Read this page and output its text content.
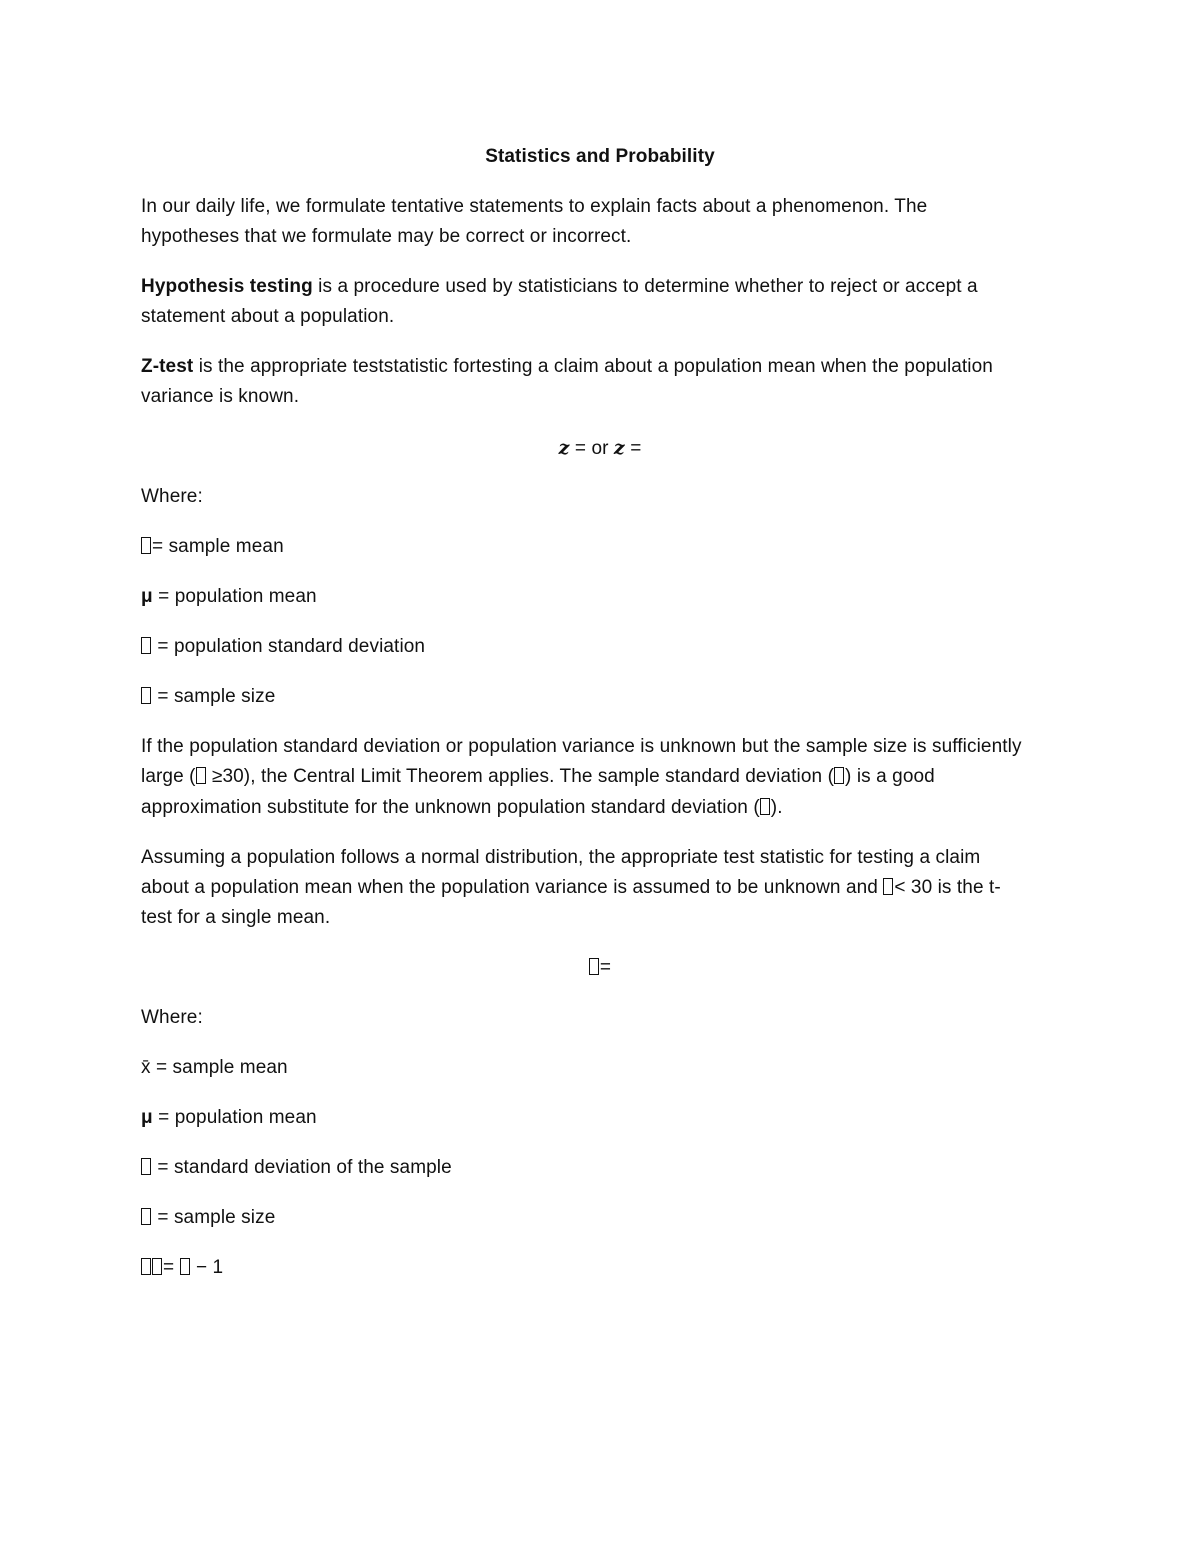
Statistics and Probability
In our daily life, we formulate tentative statements to explain facts about a phenomenon. The
hypotheses that we formulate may be correct or incorrect.
Hypothesis testing is a procedure used by statisticians to determine whether to reject or accept a
statement about a population.
Z-test is the appropriate teststatistic fortesting a claim about a population mean when the population
variance is known.
z = or z =
Where:
= sample mean
μ = population mean
= population standard deviation
= sample size
If the population standard deviation or population variance is unknown but the sample size is sufficiently
large ( ≥30), the Central Limit Theorem applies. The sample standard deviation ( ) is a good
approximation substitute for the unknown population standard deviation ( ).
Assuming a population follows a normal distribution, the appropriate test statistic for testing a claim
about a population mean when the population variance is assumed to be unknown and < 30 is the t-
test for a single mean.
=
Where:
x̄ = sample mean
μ = population mean
= standard deviation of the sample
= sample size
=  − 1
